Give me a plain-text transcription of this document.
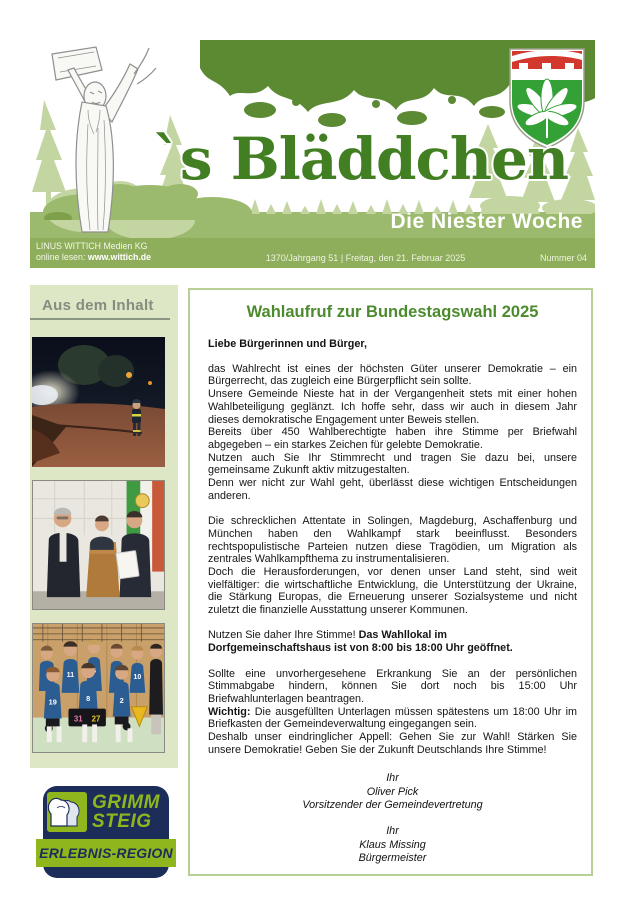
`s Bläddchen
Die Niester Woche
LINUS WITTICH Medien KG
online lesen: www.wittich.de	1370/Jahrgang 51 | Freitag, den 21. Februar 2025	Nummer 04
Aus dem Inhalt
11	10
19	8	2
31 27
GRIMM
STEIG
ERLEBNIS-REGION
Wahlaufruf zur Bundestagswahl 2025
Liebe Bürgerinnen und Bürger,

das Wahlrecht ist eines der höchsten Güter unserer Demokratie – ein Bürgerrecht, das zugleich eine Bürgerpflicht sein sollte.

Unsere Gemeinde Nieste hat in der Vergangenheit stets mit einer hohen Wahlbeteiligung geglänzt. Ich hoffe sehr, dass wir auch in diesem Jahr dieses demokratische Engagement unter Beweis stellen.

Bereits über 450 Wahlberechtigte haben ihre Stimme per Briefwahl abgegeben – ein starkes Zeichen für gelebte Demokratie.

Nutzen auch Sie Ihr Stimmrecht und tragen Sie dazu bei, unsere gemeinsame Zukunft aktiv mitzugestalten.

Denn wer nicht zur Wahl geht, überlässt diese wichtigen Entscheidungen anderen.

Die schrecklichen Attentate in Solingen, Magdeburg, Aschaffenburg und München haben den Wahlkampf stark beeinflusst. Besonders rechtspopulistische Parteien nutzen diese Tragödien, um Migration als zentrales Wahlkampfthema zu instrumentalisieren.

Doch die Herausforderungen, vor denen unser Land steht, sind weit vielfältiger: die wirtschaftliche Entwicklung, die Unterstützung der Ukraine, die Stärkung Europas, die Erneuerung unserer Sozialsysteme und nicht zuletzt die finanzielle Ausstattung unserer Kommunen.

Nutzen Sie daher Ihre Stimme! Das Wahllokal im
Dorfgemeinschaftshaus ist von 8:00 bis 18:00 Uhr geöffnet.

Sollte eine unvorhergesehene Erkrankung Sie an der persönlichen Stimmabgabe hindern, können Sie dort noch bis 15:00 Uhr Briefwahlunterlagen beantragen.

Wichtig: Die ausgefüllten Unterlagen müssen spätestens um 18:00 Uhr im Briefkasten der Gemeindeverwaltung eingegangen sein.

Deshalb unser eindringlicher Appell: Gehen Sie zur Wahl! Stärken Sie unsere Demokratie! Geben Sie der Zukunft Deutschlands Ihre Stimme!

Ihr
Oliver Pick
Vorsitzender der Gemeindevertretung
Ihr
Klaus Missing
Bürgermeister
